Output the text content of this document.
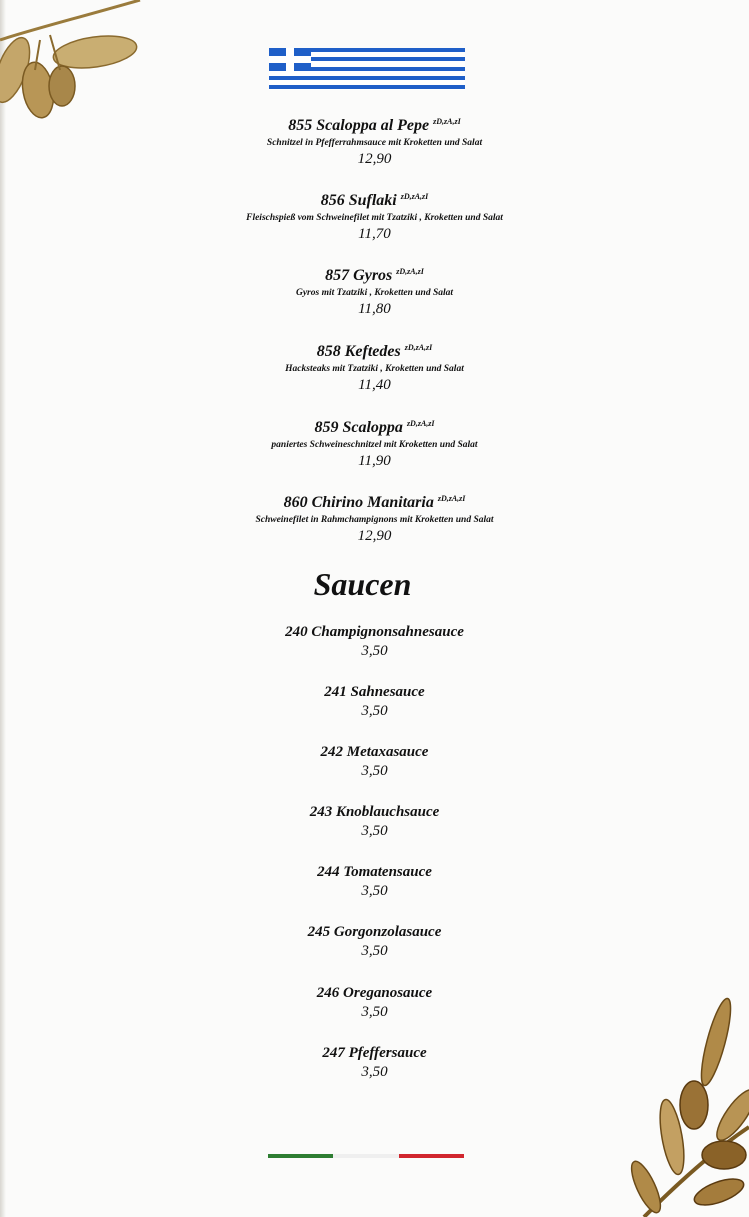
855 Scaloppa al Pepe $^{zD,zA,zI}$
Schnitzel in Pfefferrahmsauce mit Kroketten und Salat
12,90
856 Suflaki $^{zD,zA,zI}$
Fleischspieß vom Schweinefilet mit Tzatziki , Kroketten und Salat
11,70
857 Gyros $^{zD,zA,zI}$
Gyros mit Tzatziki , Kroketten und Salat
11,80
858 Keftedes $^{zD,zA,zI}$
Hacksteaks mit Tzatziki , Kroketten und Salat
11,40
859 Scaloppa $^{zD,zA,zI}$
paniertes Schweineschnitzel mit Kroketten und Salat
11,90
860 Chirino Manitaria $^{zD,zA,zI}$
Schweinefilet in Rahmchampignons mit Kroketten und Salat
12,90
Saucen
240 Champignonsahnesauce
3,50
241 Sahnesauce
3,50
242 Metaxasauce
3,50
243 Knoblauchsauce
3,50
244 Tomatensauce
3,50
245 Gorgonzolasauce
3,50
246 Oreganosauce
3,50
247 Pfeffersauce
3,50
